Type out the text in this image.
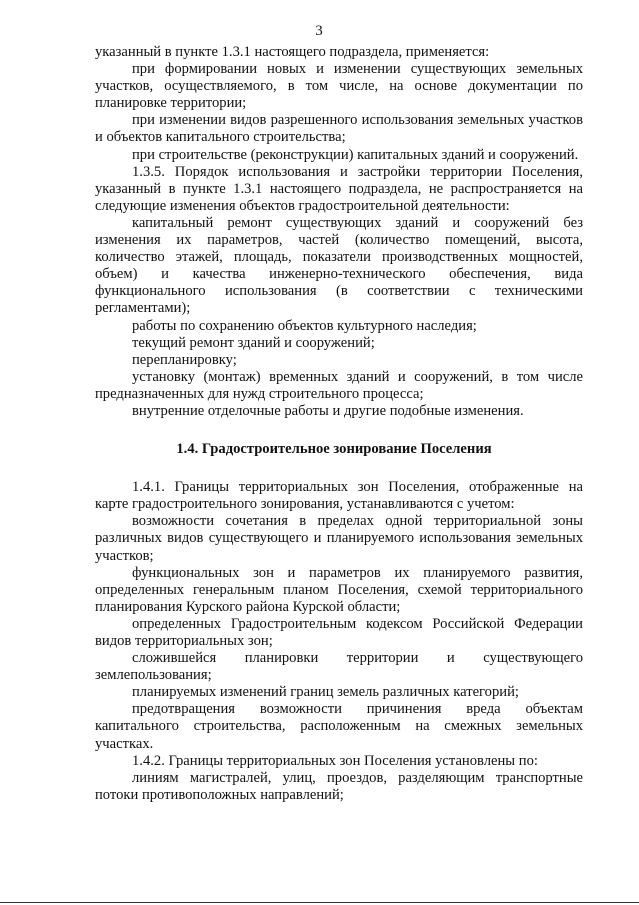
3

указанный в пункте 1.3.1 настоящего подраздела, применяется:

при формировании новых и изменении существующих земельных участков, осуществляемого, в том числе, на основе документации по планировке территории;

при изменении видов разрешенного использования земельных участков и объектов капитального строительства;

при строительстве (реконструкции) капитальных зданий и сооружений.

1.3.5. Порядок использования и застройки территории Поселения, указанный в пункте 1.3.1 настоящего подраздела, не распространяется на следующие изменения объектов градостроительной деятельности:

капитальный ремонт существующих зданий и сооружений без изменения их параметров, частей (количество помещений, высота, количество этажей, площадь, показатели производственных мощностей, объем) и качества инженерно-технического обеспечения, вида функционального использования (в соответствии с техническими регламентами);

работы по сохранению объектов культурного наследия;

текущий ремонт зданий и сооружений;

перепланировку;

установку (монтаж) временных зданий и сооружений, в том числе предназначенных для нужд строительного процесса;

внутренние отделочные работы и другие подобные изменения.

1.4. Градостроительное зонирование Поселения

1.4.1. Границы территориальных зон Поселения, отображенные на карте градостроительного зонирования, устанавливаются с учетом:

возможности сочетания в пределах одной территориальной зоны различных видов существующего и планируемого использования земельных участков;

функциональных зон и параметров их планируемого развития, определенных генеральным планом Поселения, схемой территориального планирования Курского района Курской области;

определенных Градостроительным кодексом Российской Федерации видов территориальных зон;

сложившейся планировки территории и существующего землепользования;

планируемых изменений границ земель различных категорий;

предотвращения возможности причинения вреда объектам капитального строительства, расположенным на смежных земельных участках.

1.4.2. Границы территориальных зон Поселения установлены по:

линиям магистралей, улиц, проездов, разделяющим транспортные потоки противоположных направлений;
